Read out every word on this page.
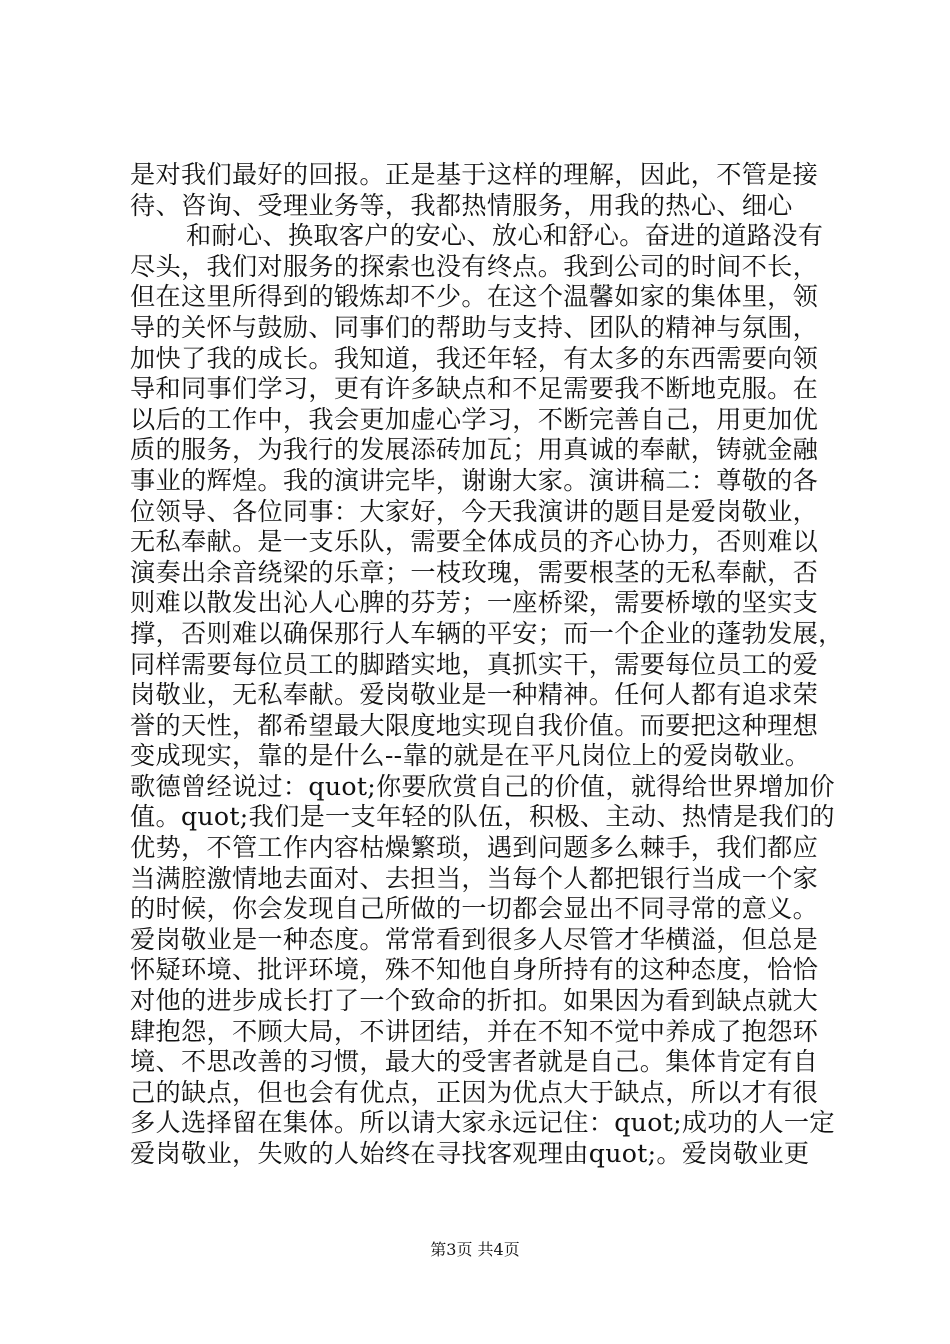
是对我们最好的回报。正是基于这样的理解，因此，不管是接
待、咨询、受理业务等，我都热情服务，用我的热心、细心
和耐心、换取客户的安心、放心和舒心。奋进的道路没有
尽头，我们对服务的探索也没有终点。我到公司的时间不长，
但在这里所得到的锻炼却不少。在这个温馨如家的集体里，领
导的关怀与鼓励、同事们的帮助与支持、团队的精神与氛围，
加快了我的成长。我知道，我还年轻，有太多的东西需要向领
导和同事们学习，更有许多缺点和不足需要我不断地克服。在
以后的工作中，我会更加虚心学习，不断完善自己，用更加优
质的服务，为我行的发展添砖加瓦；用真诚的奉献，铸就金融
事业的辉煌。我的演讲完毕，谢谢大家。演讲稿二：尊敬的各
位领导、各位同事：大家好，今天我演讲的题目是爱岗敬业，
无私奉献。是一支乐队，需要全体成员的齐心协力，否则难以
演奏出余音绕梁的乐章；一枝玫瑰，需要根茎的无私奉献，否
则难以散发出沁人心脾的芬芳；一座桥梁，需要桥墩的坚实支
撑，否则难以确保那行人车辆的平安；而一个企业的蓬勃发展，
同样需要每位员工的脚踏实地，真抓实干，需要每位员工的爱
岗敬业，无私奉献。爱岗敬业是一种精神。任何人都有追求荣
誉的天性，都希望最大限度地实现自我价值。而要把这种理想
变成现实，靠的是什么--靠的就是在平凡岗位上的爱岗敬业。
歌德曾经说过：quot;你要欣赏自己的价值，就得给世界增加价
值。quot;我们是一支年轻的队伍，积极、主动、热情是我们的
优势，不管工作内容枯燥繁琐，遇到问题多么棘手，我们都应
当满腔激情地去面对、去担当，当每个人都把银行当成一个家
的时候，你会发现自己所做的一切都会显出不同寻常的意义。
爱岗敬业是一种态度。常常看到很多人尽管才华横溢，但总是
怀疑环境、批评环境，殊不知他自身所持有的这种态度，恰恰
对他的进步成长打了一个致命的折扣。如果因为看到缺点就大
肆抱怨，不顾大局，不讲团结，并在不知不觉中养成了抱怨环
境、不思改善的习惯，最大的受害者就是自己。集体肯定有自
己的缺点，但也会有优点，正因为优点大于缺点，所以才有很
多人选择留在集体。所以请大家永远记住：quot;成功的人一定
爱岗敬业，失败的人始终在寻找客观理由quot;。爱岗敬业更
第3页 共4页
